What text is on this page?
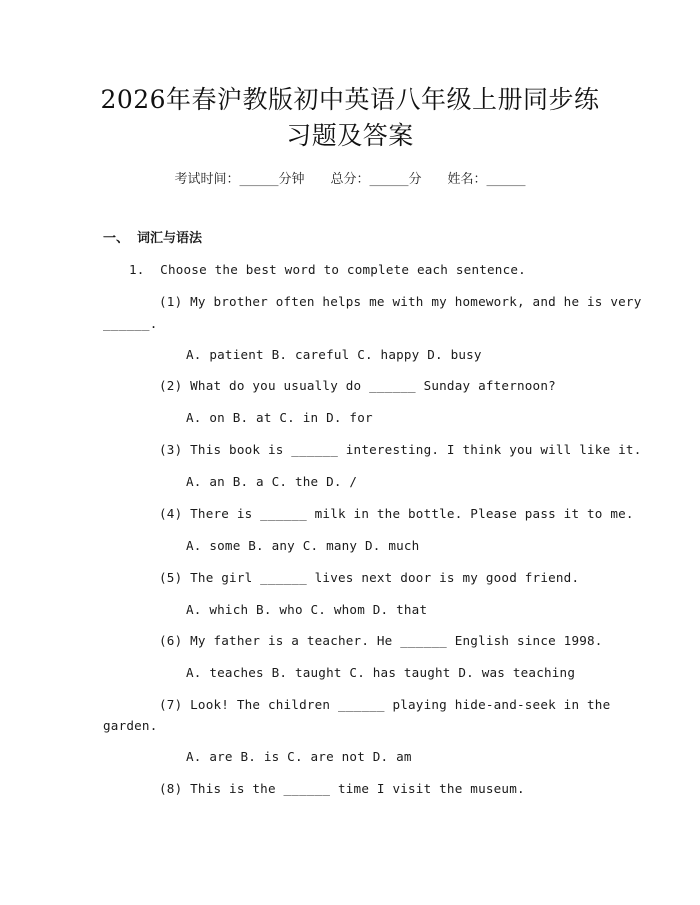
2026年春沪教版初中英语八年级上册同步练
习题及答案
考试时间：______分钟 总分：______分 姓名：______
一、 词汇与语法
1. Choose the best word to complete each sentence.
(1) My brother often helps me with my homework, and he is very
______.
A. patient B. careful C. happy D. busy
(2) What do you usually do ______ Sunday afternoon?
A. on B. at C. in D. for
(3) This book is ______ interesting. I think you will like it.
A. an B. a C. the D. /
(4) There is ______ milk in the bottle. Please pass it to me.
A. some B. any C. many D. much
(5) The girl ______ lives next door is my good friend.
A. which B. who C. whom D. that
(6) My father is a teacher. He ______ English since 1998.
A. teaches B. taught C. has taught D. was teaching
(7) Look! The children ______ playing hide-and-seek in the
garden.
A. are B. is C. are not D. am
(8) This is the ______ time I visit the museum.
